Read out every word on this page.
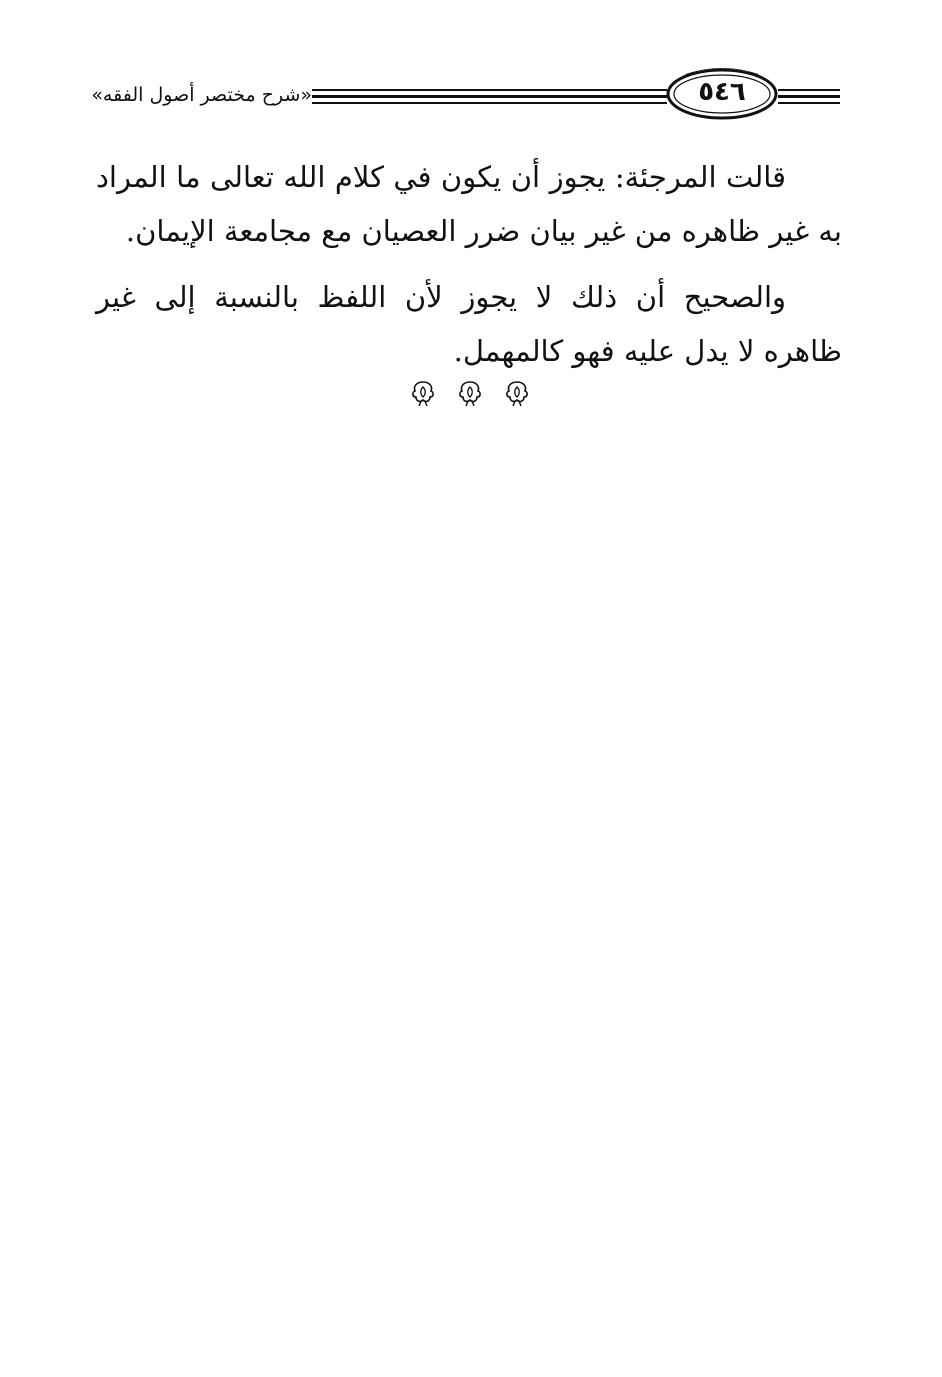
«شرح مختصر أصول الفقه»	٥٤٦

قالت المرجئة: يجوز أن يكون في كلام الله تعالى ما المراد به غير ظاهره من غير بيان ضرر العصيان مع مجامعة الإيمان.

والصحيح أن ذلك لا يجوز لأن اللفظ بالنسبة إلى غير ظاهره لا يدل عليه فهو كالمهمل.
